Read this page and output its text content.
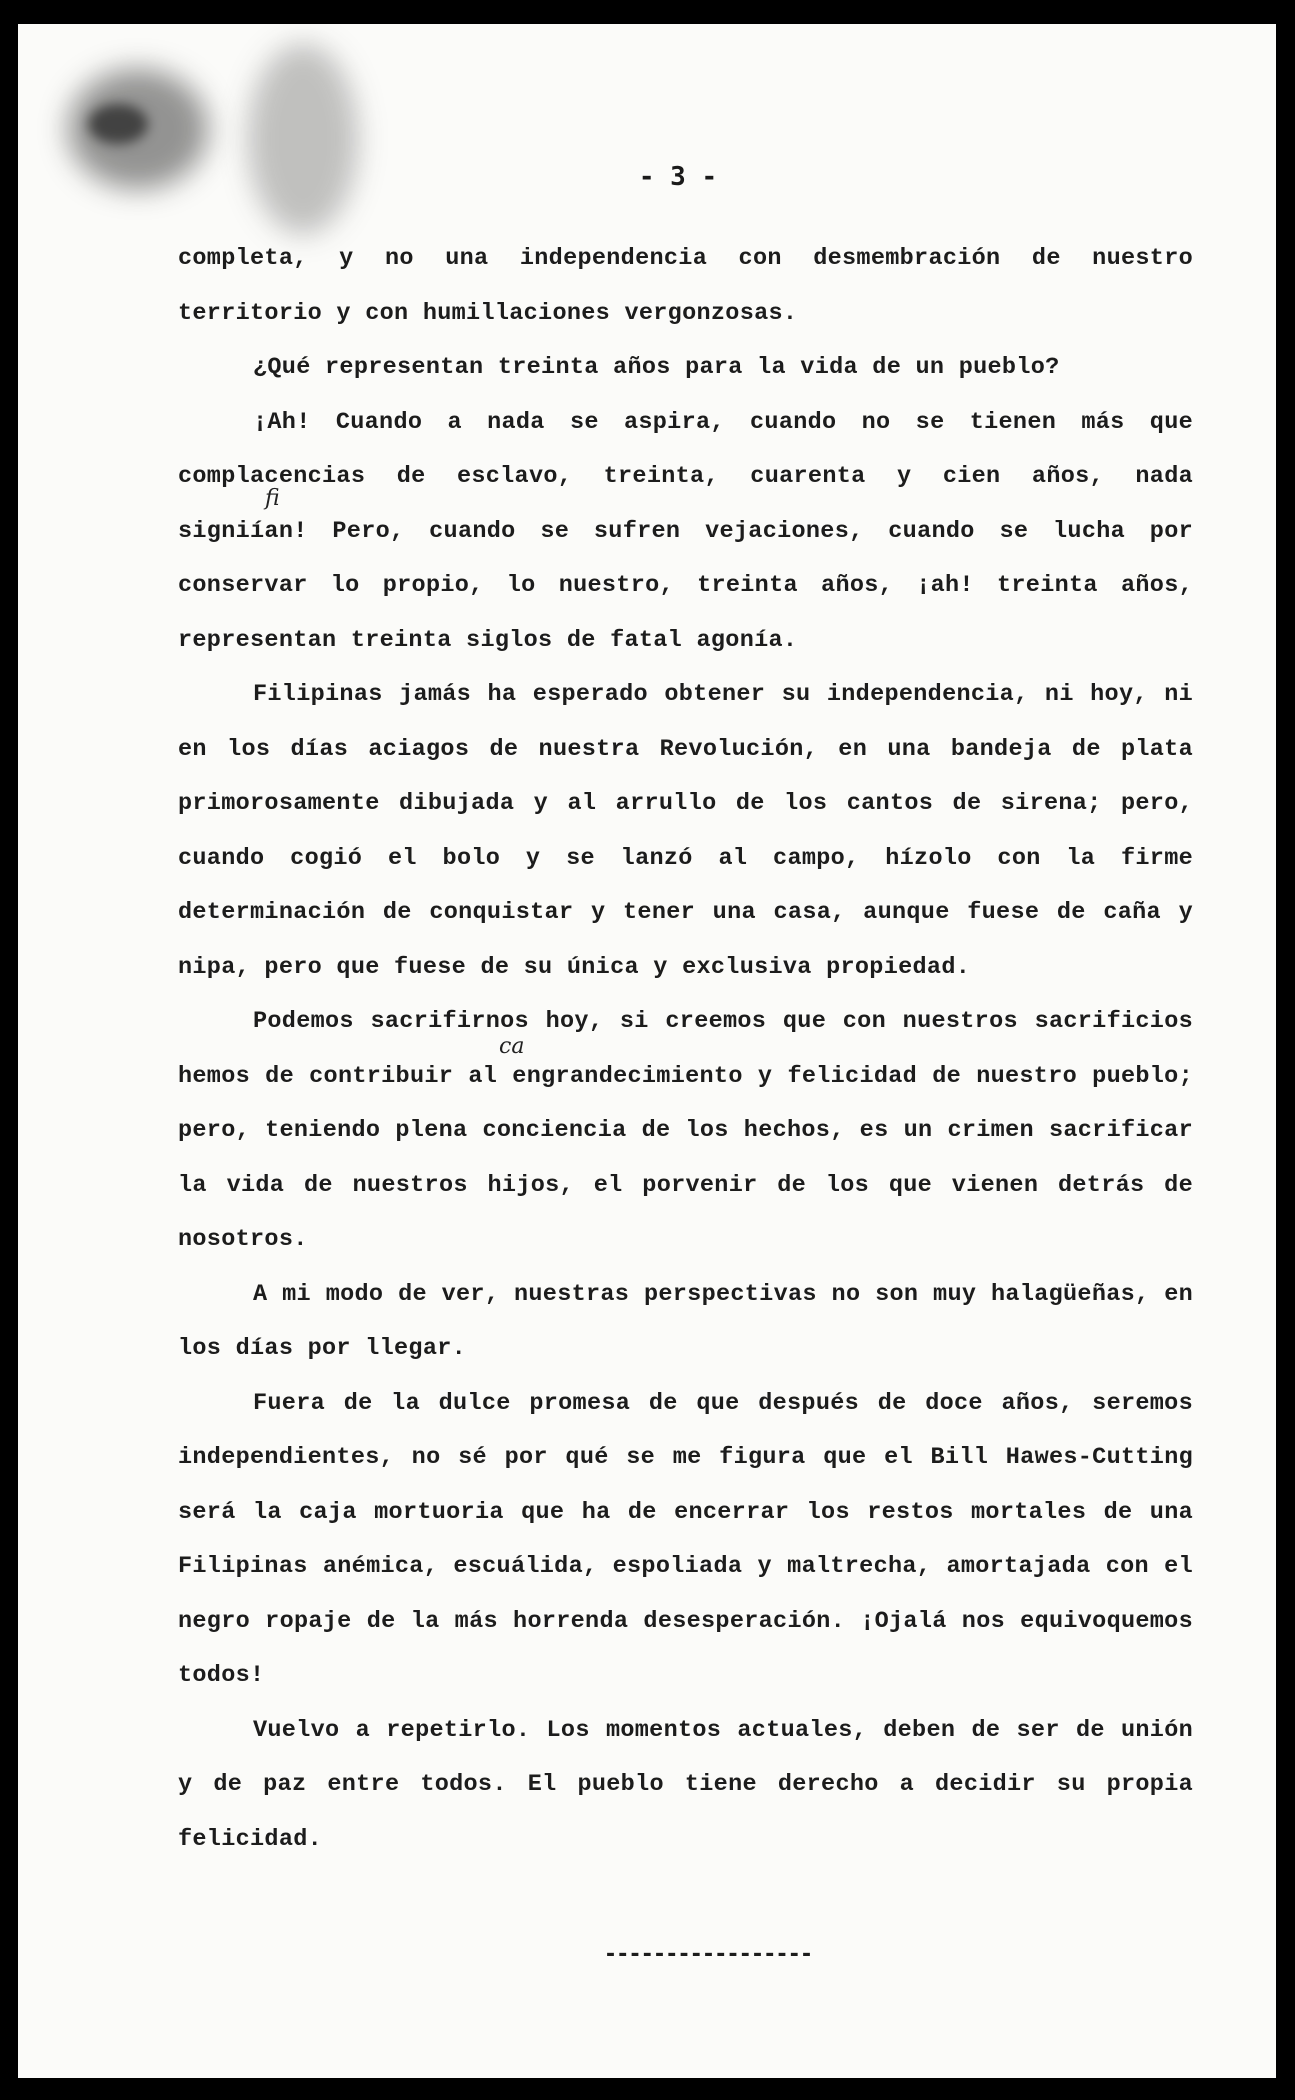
- 3 -

fi

ca

completa, y no una independencia con desmembración de nuestro territorio y con humillaciones vergonzosas.

¿Qué representan treinta años para la vida de un pueblo?

¡Ah! Cuando a nada se aspira, cuando no se tienen más que complacencias de esclavo, treinta, cuarenta y cien años, nada signiían! Pero, cuando se sufren vejaciones, cuando se lucha por conservar lo propio, lo nuestro, treinta años, ¡ah! treinta años, representan treinta siglos de fatal agonía.

Filipinas jamás ha esperado obtener su independencia, ni hoy, ni en los días aciagos de nuestra Revolución, en una bandeja de plata primorosamente dibujada y al arrullo de los cantos de sirena; pero, cuando cogió el bolo y se lanzó al campo, hízolo con la firme determinación de conquistar y tener una casa, aunque fuese de caña y nipa, pero que fuese de su única y exclusiva propiedad.

Podemos sacrifirnos hoy, si creemos que con nuestros sacrificios hemos de contribuir al engrandecimiento y felicidad de nuestro pueblo; pero, teniendo plena conciencia de los hechos, es un crimen sacrificar la vida de nuestros hijos, el porvenir de los que vienen detrás de nosotros.

A mi modo de ver, nuestras perspectivas no son muy halagüeñas, en los días por llegar.

Fuera de la dulce promesa de que después de doce años, seremos independientes, no sé por qué se me figura que el Bill Hawes-Cutting será la caja mortuoria que ha de encerrar los restos mortales de una Filipinas anémica, escuálida, espoliada y maltrecha, amortajada con el negro ropaje de la más horrenda desesperación. ¡Ojalá nos equivoquemos todos!

Vuelvo a repetirlo. Los momentos actuales, deben de ser de unión y de paz entre todos. El pueblo tiene derecho a decidir su propia felicidad.

-----------------
